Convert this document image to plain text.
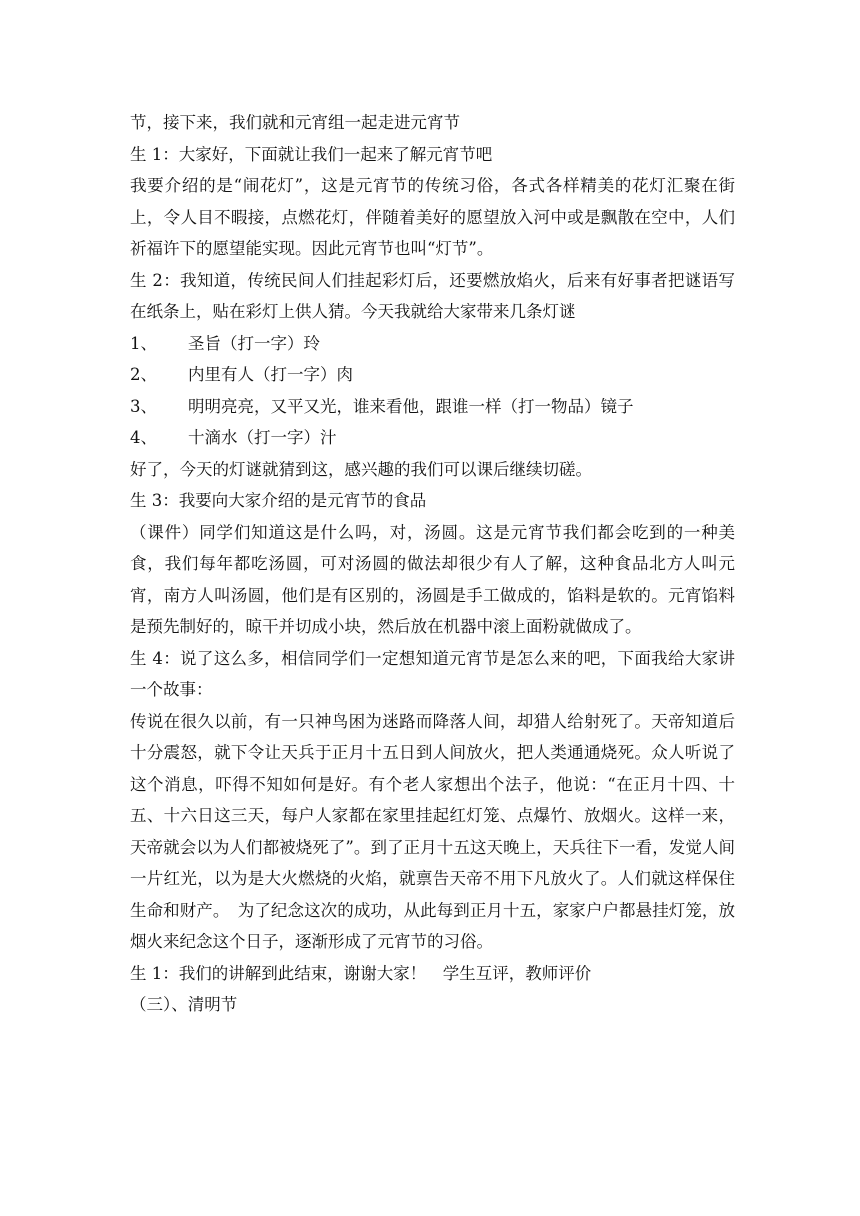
节，接下来，我们就和元宵组一起走进元宵节

生 1：大家好，下面就让我们一起来了解元宵节吧

我要介绍的是“闹花灯”，这是元宵节的传统习俗，各式各样精美的花灯汇聚在街上，令人目不暇接，点燃花灯，伴随着美好的愿望放入河中或是飘散在空中，人们祈福许下的愿望能实现。因此元宵节也叫“灯节”。

生 2：我知道，传统民间人们挂起彩灯后，还要燃放焰火，后来有好事者把谜语写在纸条上，贴在彩灯上供人猜。今天我就给大家带来几条灯谜

1、	圣旨（打一字）玲
2、	内里有人（打一字）肉
3、	明明亮亮，又平又光，谁来看他，跟谁一样（打一物品）镜子
4、	十滴水（打一字）汁

好了，今天的灯谜就猜到这，感兴趣的我们可以课后继续切磋。

生 3：我要向大家介绍的是元宵节的食品

（课件）同学们知道这是什么吗，对，汤圆。这是元宵节我们都会吃到的一种美食，我们每年都吃汤圆，可对汤圆的做法却很少有人了解，这种食品北方人叫元宵，南方人叫汤圆，他们是有区别的，汤圆是手工做成的，馅料是软的。元宵馅料是预先制好的，晾干并切成小块，然后放在机器中滚上面粉就做成了。

生 4：说了这么多，相信同学们一定想知道元宵节是怎么来的吧，下面我给大家讲一个故事：

传说在很久以前，有一只神鸟困为迷路而降落人间，却猎人给射死了。天帝知道后十分震怒，就下令让天兵于正月十五日到人间放火，把人类通通烧死。众人听说了这个消息，吓得不知如何是好。有个老人家想出个法子，他说：“在正月十四、十五、十六日这三天，每户人家都在家里挂起红灯笼、点爆竹、放烟火。这样一来，天帝就会以为人们都被烧死了”。到了正月十五这天晚上，天兵往下一看，发觉人间一片红光，以为是大火燃烧的火焰，就禀告天帝不用下凡放火了。人们就这样保住生命和财产。　为了纪念这次的成功，从此每到正月十五，家家户户都悬挂灯笼，放烟火来纪念这个日子，逐渐形成了元宵节的习俗。

生 1：我们的讲解到此结束，谢谢大家！　学生互评，教师评价

（三）、清明节
